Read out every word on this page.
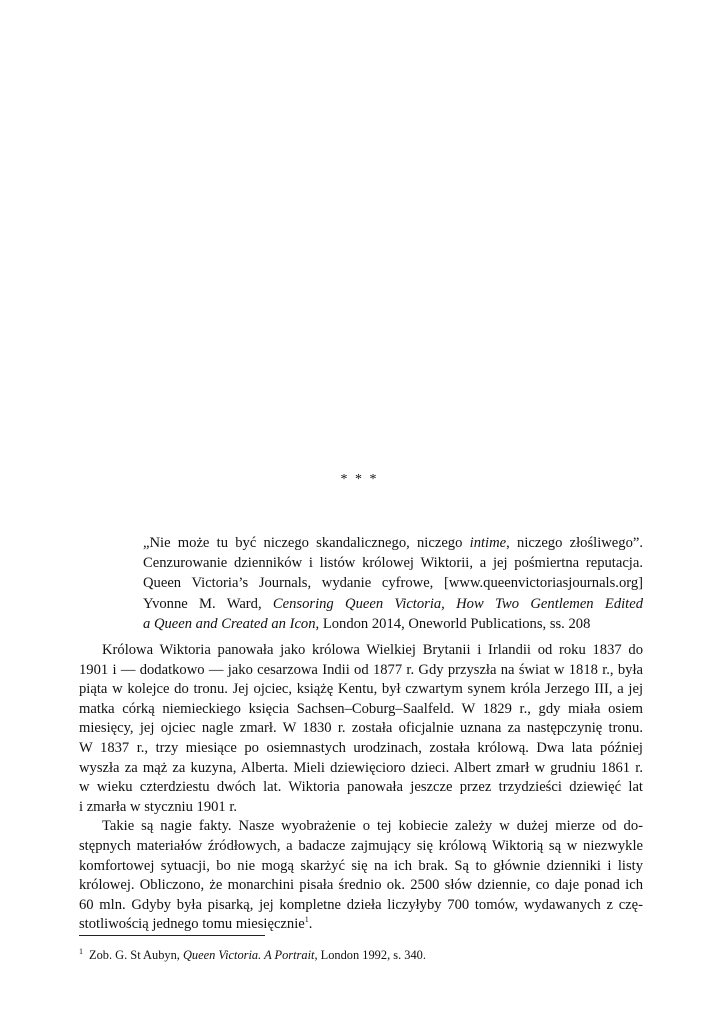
* * *
„Nie może tu być niczego skandalicznego, niczego intime, niczego złośliwego”.
Cenzurowanie dzienników i listów królowej Wiktorii, a jej pośmiertna reputacja.
Queen Victoria’s Journals, wydanie cyfrowe, [www.queenvictoriasjournals.org]
Yvonne M. Ward, Censoring Queen Victoria, How Two Gentlemen Edited
a Queen and Created an Icon, London 2014, Oneworld Publications, ss. 208
Królowa Wiktoria panowała jako królowa Wielkiej Brytanii i Irlandii od roku 1837 do
1901 i — dodatkowo — jako cesarzowa Indii od 1877 r. Gdy przyszła na świat w 1818 r., była
piąta w kolejce do tronu. Jej ojciec, książę Kentu, był czwartym synem króla Jerzego III, a jej
matka córką niemieckiego księcia Sachsen–Coburg–Saalfeld. W 1829 r., gdy miała osiem
miesięcy, jej ojciec nagle zmarł. W 1830 r. została oficjalnie uznana za następczynię tronu.
W 1837 r., trzy miesiące po osiemnastych urodzinach, została królową. Dwa lata później
wyszła za mąż za kuzyna, Alberta. Mieli dziewięcioro dzieci. Albert zmarł w grudniu 1861 r.
w wieku czterdziestu dwóch lat. Wiktoria panowała jeszcze przez trzydzieści dziewięć lat
i zmarła w styczniu 1901 r.
Takie są nagie fakty. Nasze wyobrażenie o tej kobiecie zależy w dużej mierze od do-
stępnych materiałów źródłowych, a badacze zajmujący się królową Wiktorią są w niezwykle
komfortowej sytuacji, bo nie mogą skarżyć się na ich brak. Są to głównie dzienniki i listy
królowej. Obliczono, że monarchini pisała średnio ok. 2500 słów dziennie, co daje ponad ich
60 mln. Gdyby była pisarką, jej kompletne dzieła liczyłyby 700 tomów, wydawanych z czę-
stotliwością jednego tomu miesięcznie$^1$.
$^1$ Zob. G. St Aubyn, Queen Victoria. A Portrait, London 1992, s. 340.
